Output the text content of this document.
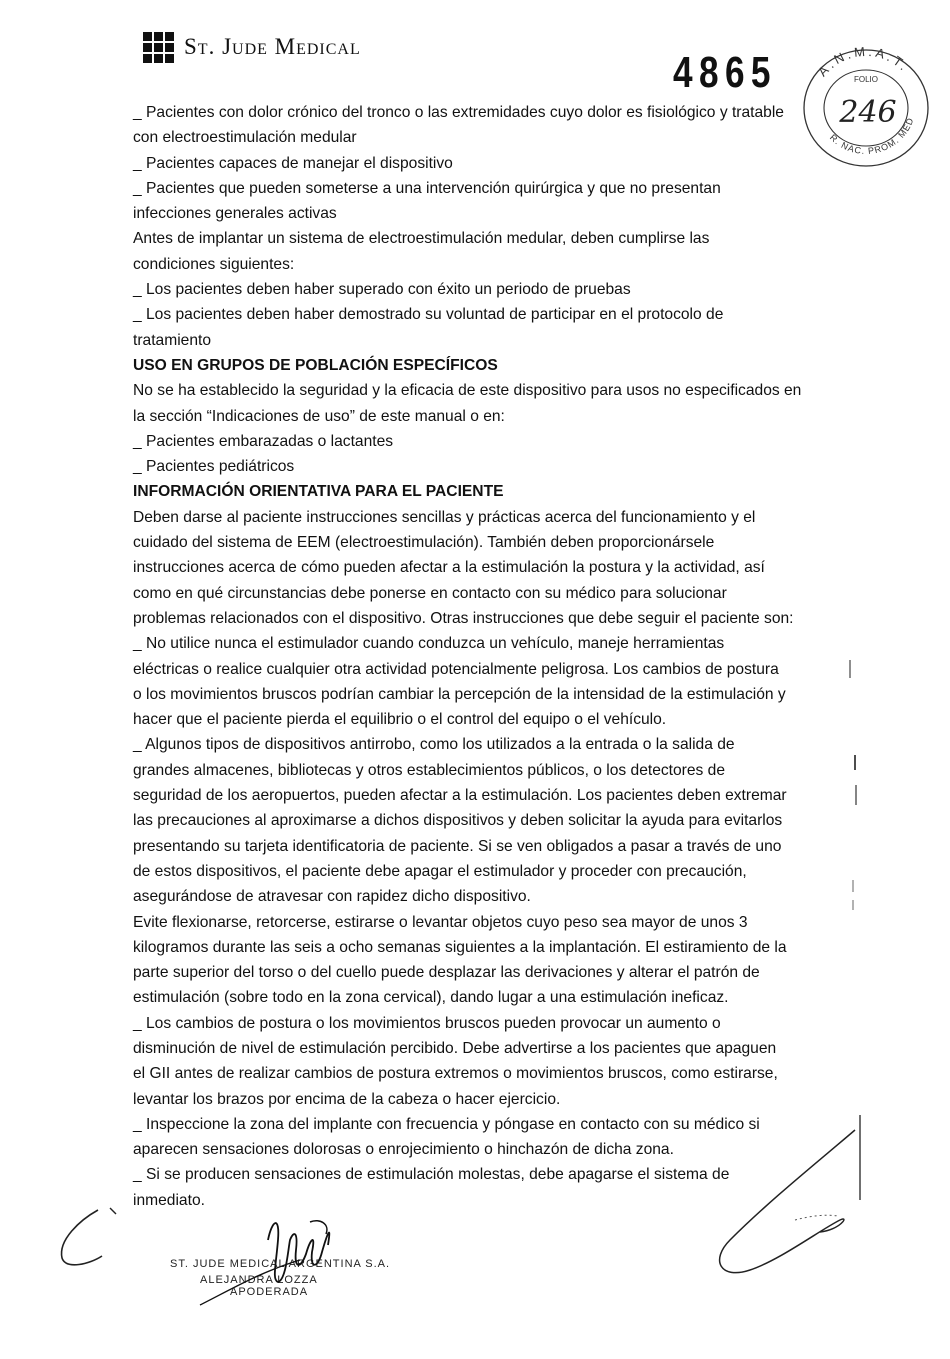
St. Jude Medical
4865	A.N.M.A.T.
R. NAC. PROM. MED
FOLIO
246
_ Pacientes con dolor crónico del tronco o las extremidades cuyo dolor es fisiológico y tratable
con electroestimulación medular
_ Pacientes capaces de manejar el dispositivo
_ Pacientes que pueden someterse a una intervención quirúrgica y que no presentan
infecciones generales activas
Antes de implantar un sistema de electroestimulación medular, deben cumplirse las
condiciones siguientes:
_ Los pacientes deben haber superado con éxito un periodo de pruebas
_ Los pacientes deben haber demostrado su voluntad de participar en el protocolo de
tratamiento
USO EN GRUPOS DE POBLACIÓN ESPECÍFICOS
No se ha establecido la seguridad y la eficacia de este dispositivo para usos no especificados en
la sección “Indicaciones de uso” de este manual o en:
_ Pacientes embarazadas o lactantes
_ Pacientes pediátricos
INFORMACIÓN ORIENTATIVA PARA EL PACIENTE
Deben darse al paciente instrucciones sencillas y prácticas acerca del funcionamiento y el
cuidado del sistema de EEM (electroestimulación). También deben proporcionársele
instrucciones acerca de cómo pueden afectar a la estimulación la postura y la actividad, así
como en qué circunstancias debe ponerse en contacto con su médico para solucionar
problemas relacionados con el dispositivo. Otras instrucciones que debe seguir el paciente son:
_ No utilice nunca el estimulador cuando conduzca un vehículo, maneje herramientas
eléctricas o realice cualquier otra actividad potencialmente peligrosa. Los cambios de postura
o los movimientos bruscos podrían cambiar la percepción de la intensidad de la estimulación y
hacer que el paciente pierda el equilibrio o el control del equipo o el vehículo.
_ Algunos tipos de dispositivos antirrobo, como los utilizados a la entrada o la salida de
grandes almacenes, bibliotecas y otros establecimientos públicos, o los detectores de
seguridad de los aeropuertos, pueden afectar a la estimulación. Los pacientes deben extremar
las precauciones al aproximarse a dichos dispositivos y deben solicitar la ayuda para evitarlos
presentando su tarjeta identificatoria de paciente. Si se ven obligados a pasar a través de uno
de estos dispositivos, el paciente debe apagar el estimulador y proceder con precaución,
asegurándose de atravesar con rapidez dicho dispositivo.
Evite flexionarse, retorcerse, estirarse o levantar objetos cuyo peso sea mayor de unos 3
kilogramos durante las seis a ocho semanas siguientes a la implantación. El estiramiento de la
parte superior del torso o del cuello puede desplazar las derivaciones y alterar el patrón de
estimulación (sobre todo en la zona cervical), dando lugar a una estimulación ineficaz.
_ Los cambios de postura o los movimientos bruscos pueden provocar un aumento o
disminución de nivel de estimulación percibido. Debe advertirse a los pacientes que apaguen
el GII antes de realizar cambios de postura extremos o movimientos bruscos, como estirarse,
levantar los brazos por encima de la cabeza o hacer ejercicio.
_ Inspeccione la zona del implante con frecuencia y póngase en contacto con su médico si
aparecen sensaciones dolorosas o enrojecimiento o hinchazón de dicha zona.
_ Si se producen sensaciones de estimulación molestas, debe apagarse el sistema de
inmediato.
ST. JUDE MEDICAL ARGENTINA S.A.
ALEJANDRA LOZZA
APODERADA
